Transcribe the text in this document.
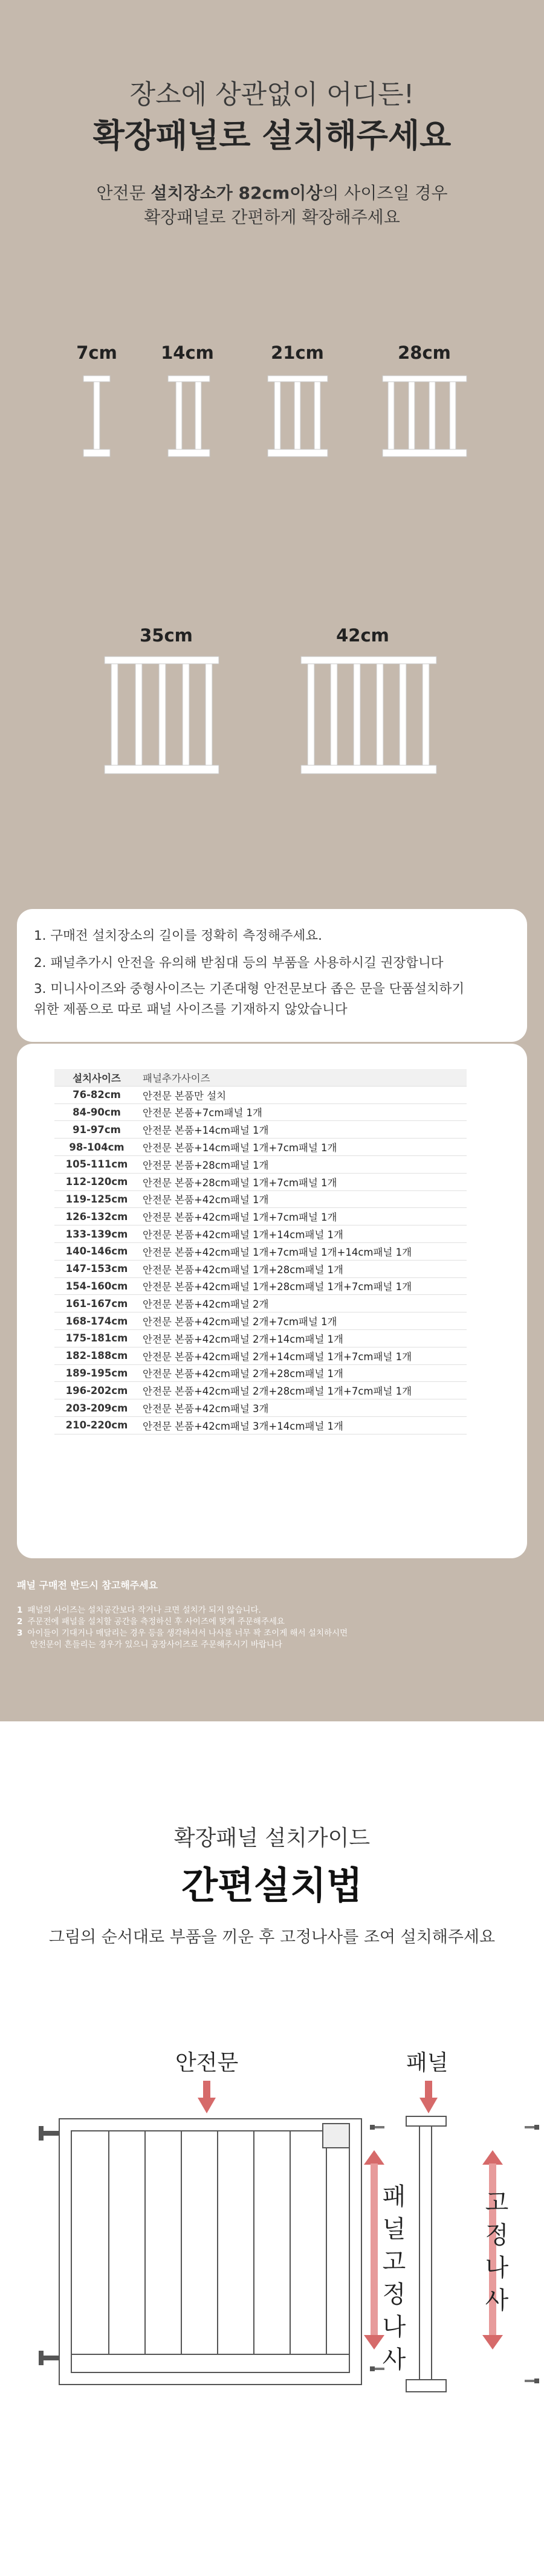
장소에 상관없이 어디든!
확장패널로 설치해주세요
안전문 설치장소가 82cm이상의 사이즈일 경우
확장패널로 간편하게 확장해주세요
7cm	14cm	21cm	28cm
35cm	42cm

1. 구매전 설치장소의 길이를 정확히 측정해주세요.

2. 패널추가시 안전을 유의해 받침대 등의 부품을 사용하시길 권장합니다

3. 미니사이즈와 중형사이즈는 기존대형 안전문보다 좁은 문을 단품설치하기

위한 제품으로 따로 패널 사이즈를 기재하지 않았습니다

설치사이즈	패널추가사이즈
76-82cm	안전문 본품만 설치
84-90cm	안전문 본품+7cm패널 1개
91-97cm	안전문 본품+14cm패널 1개
98-104cm	안전문 본품+14cm패널 1개+7cm패널 1개
105-111cm	안전문 본품+28cm패널 1개
112-120cm	안전문 본품+28cm패널 1개+7cm패널 1개
119-125cm	안전문 본품+42cm패널 1개
126-132cm	안전문 본품+42cm패널 1개+7cm패널 1개
133-139cm	안전문 본품+42cm패널 1개+14cm패널 1개
140-146cm	안전문 본품+42cm패널 1개+7cm패널 1개+14cm패널 1개
147-153cm	안전문 본품+42cm패널 1개+28cm패널 1개
154-160cm	안전문 본품+42cm패널 1개+28cm패널 1개+7cm패널 1개
161-167cm	안전문 본품+42cm패널 2개
168-174cm	안전문 본품+42cm패널 2개+7cm패널 1개
175-181cm	안전문 본품+42cm패널 2개+14cm패널 1개
182-188cm	안전문 본품+42cm패널 2개+14cm패널 1개+7cm패널 1개
189-195cm	안전문 본품+42cm패널 2개+28cm패널 1개
196-202cm	안전문 본품+42cm패널 2개+28cm패널 1개+7cm패널 1개
203-209cm	안전문 본품+42cm패널 3개
210-220cm	안전문 본품+42cm패널 3개+14cm패널 1개
패널 구매전 반드시 참고해주세요
1 패널의 사이즈는 설치공간보다 작거나 크면 설치가 되지 않습니다.
2 주문전에 패널을 설치할 공간을 측정하신 후 사이즈에 맞게 주문해주세요
3 아이들이 기대거나 매달리는 경우 등을 생각하셔서 나사를 너무 꽉 조이게 해서 설치하시면
안전문이 흔들리는 경우가 있으니 공장사이즈로 주문해주시기 바랍니다
확장패널 설치가이드
간편설치법
그림의 순서대로 부품을 끼운 후 고정나사를 조여 설치해주세요
안전문	패널
패
널
고
정
나
사
고
정
나
사
